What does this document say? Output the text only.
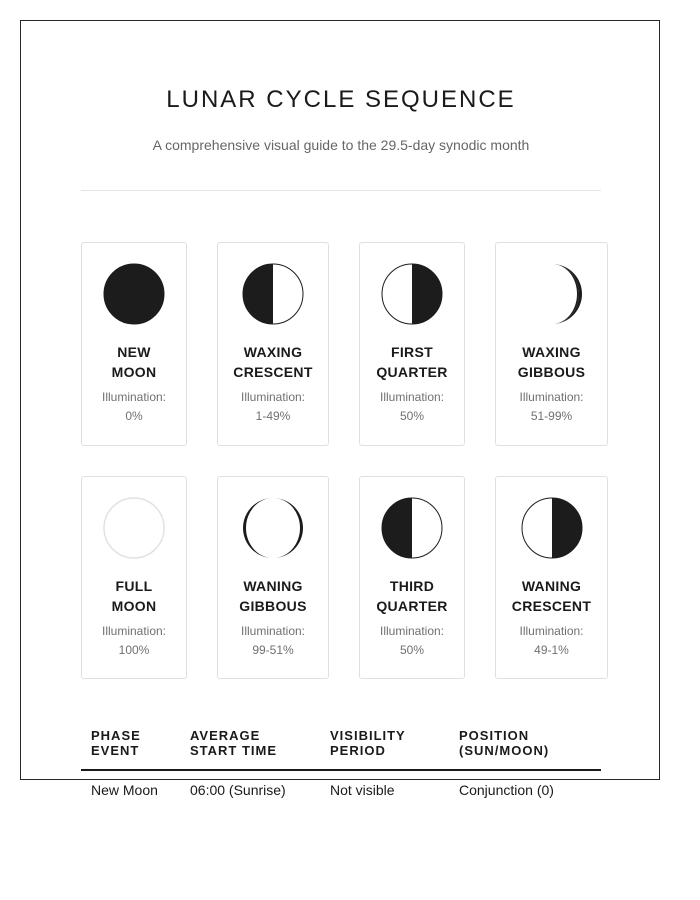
LUNAR CYCLE SEQUENCE
A comprehensive visual guide to the 29.5-day synodic month
NEW
MOON
Illumination:
0%
WAXING
CRESCENT
Illumination:
1-49%
FIRST
QUARTER
Illumination:
50%
WAXING
GIBBOUS
Illumination:
51-99%
FULL
MOON
Illumination:
100%
WANING
GIBBOUS
Illumination:
99-51%
THIRD
QUARTER
Illumination:
50%
WANING
CRESCENT
Illumination:
49-1%
PHASE
EVENT
AVERAGE
START TIME
VISIBILITY
PERIOD
POSITION
(SUN/MOON)
New Moon 06:00 (Sunrise)	Not visible	Conjunction (0)
